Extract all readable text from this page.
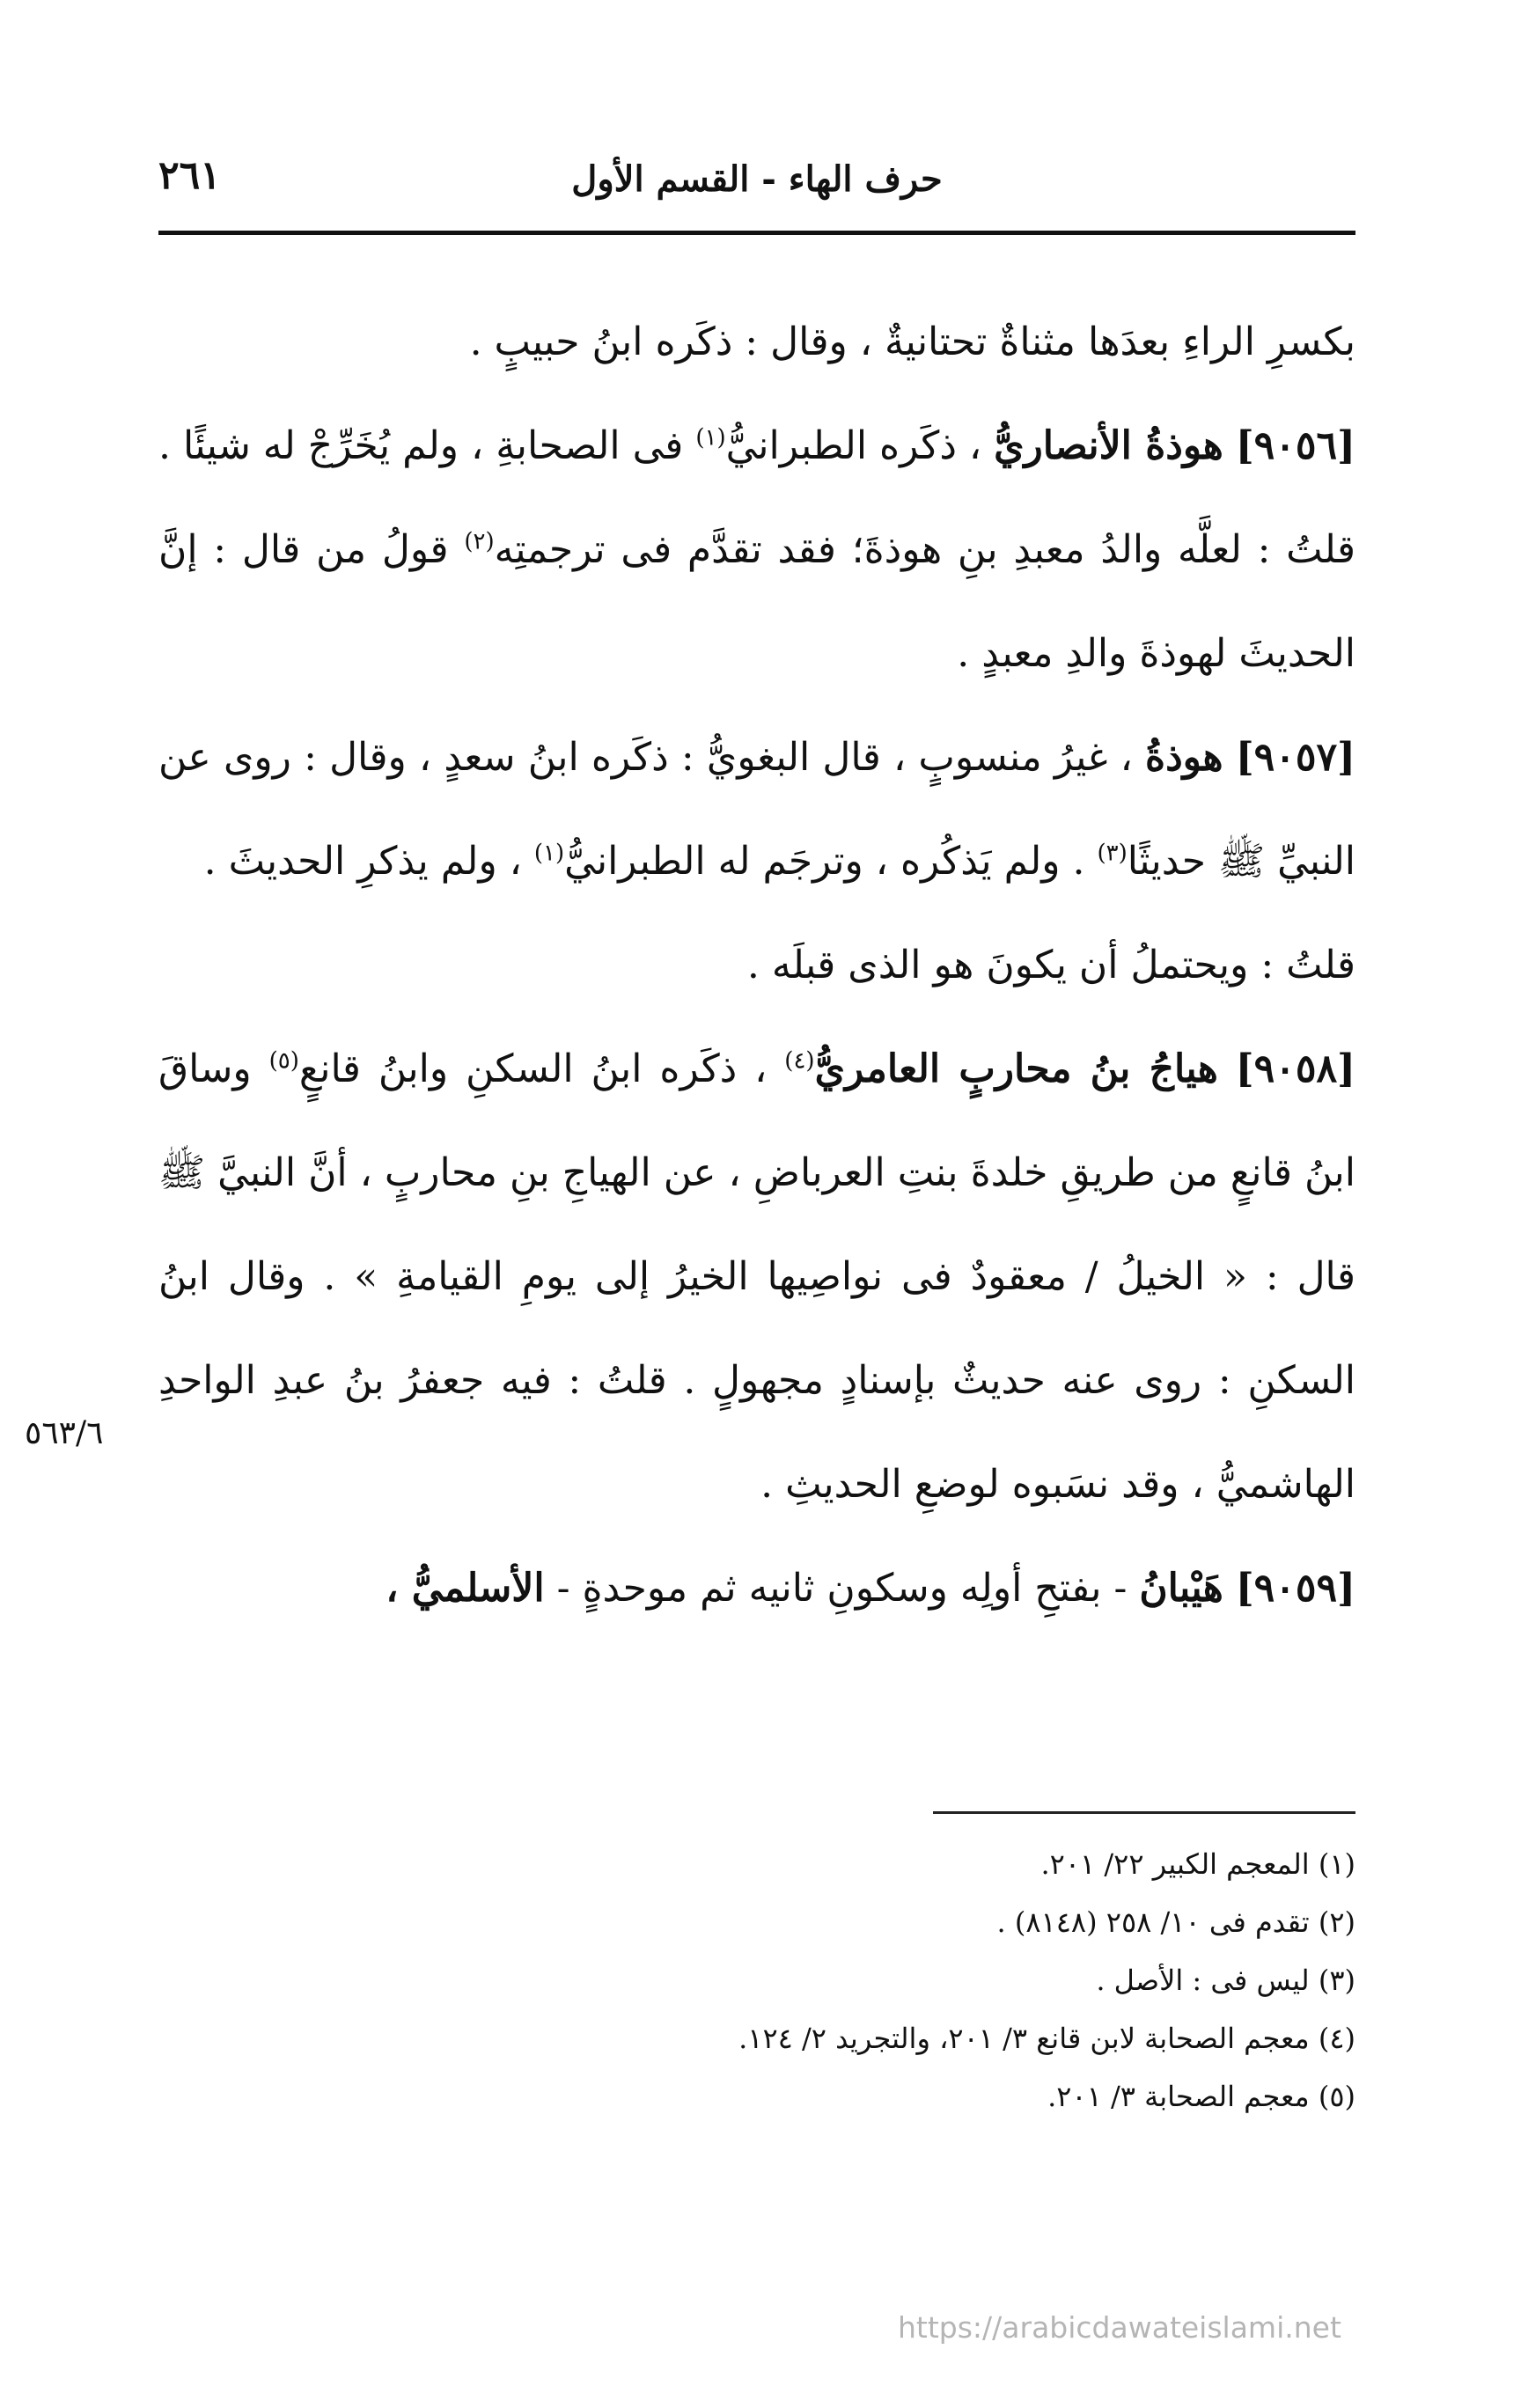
حرف الهاء - القسم الأول
٢٦١

بكسرِ الراءِ بعدَها مثناةٌ تحتانيةٌ ، وقال : ذكَره ابنُ حبيبٍ .

[٩٠٥٦] هوذةُ الأنصاريُّ ، ذكَره الطبرانيُّ$^{(١)}$ فى الصحابةِ ، ولم يُخَرِّجْ له شيئًا .

قلتُ : لعلَّه والدُ معبدِ بنِ هوذةَ؛ فقد تقدَّم فى ترجمتِه$^{(٢)}$ قولُ من قال : إنَّ الحديثَ لهوذةَ والدِ معبدٍ .

[٩٠٥٧] هوذةُ ، غيرُ منسوبٍ ، قال البغويُّ : ذكَره ابنُ سعدٍ ، وقال : روى عن النبيِّ ﷺ حديثًا$^{(٣)}$ . ولم يَذكُره ، وترجَم له الطبرانيُّ$^{(١)}$ ، ولم يذكرِ الحديثَ .

قلتُ : ويحتملُ أن يكونَ هو الذى قبلَه .

[٩٠٥٨] هياجُ بنُ محاربٍ العامريُّ$^{(٤)}$ ، ذكَره ابنُ السكنِ وابنُ قانعٍ$^{(٥)}$ وساقَ ابنُ قانعٍ من طريقِ خلدةَ بنتِ العرباضِ ، عن الهياجِ بنِ محاربٍ ، أنَّ النبيَّ ﷺ قال : « الخيلُ / معقودٌ فى نواصِيها الخيرُ إلى يومِ القيامةِ » . وقال ابنُ السكنِ : روى عنه حديثٌ بإسنادٍ مجهولٍ . قلتُ : فيه جعفرُ بنُ عبدِ الواحدِ الهاشميُّ ، وقد نسَبوه لوضعِ الحديثِ .

[٩٠٥٩] هَيْبانُ - بفتحِ أولِه وسكونِ ثانيه ثم موحدةٍ - الأسلميُّ ،

٥٦٣/٦

(١) المعجم الكبير ٢٢/ ٢٠١.

(٢) تقدم فى ١٠/ ٢٥٨ (٨١٤٨) .

(٣) ليس فى : الأصل .

(٤) معجم الصحابة لابن قانع ٣/ ٢٠١، والتجريد ٢/ ١٢٤.

(٥) معجم الصحابة ٣/ ٢٠١.

https://arabicdawateislami.net
